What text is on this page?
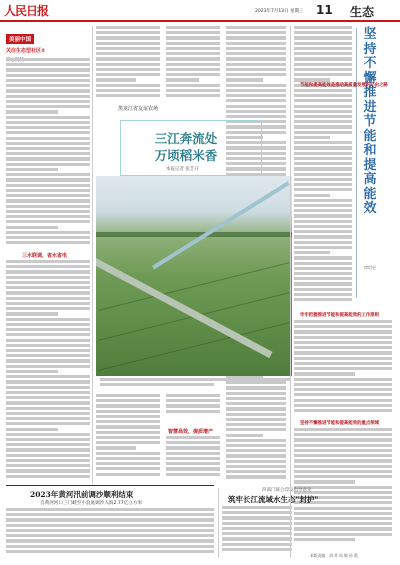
人民日报	2023年7月13日 星期三 11 生态
美丽中国
关注生态型社区②
三水联调，省水省电
坚持不懈推进节能和提高能效
徐绍史
节能和提高能效是推动高质量发展的必由之路
牢牢把握推进节能和提高能效的工作原则
坚持不懈推进节能和提高能效的重点领域
黑龙江省友谊农场
三江奔流处
万顷稻米香
本报记者 张艺开
智慧高效，提质增产
2023年黄河汛前调沙顺利结束
自黄河河口三门峡至小浪底调沙入海2.77亿立方米
四部门联合印发指导意见
筑牢长江流域水生态"封护"
本版责编：胡 茸 周 敏 孙 霞
